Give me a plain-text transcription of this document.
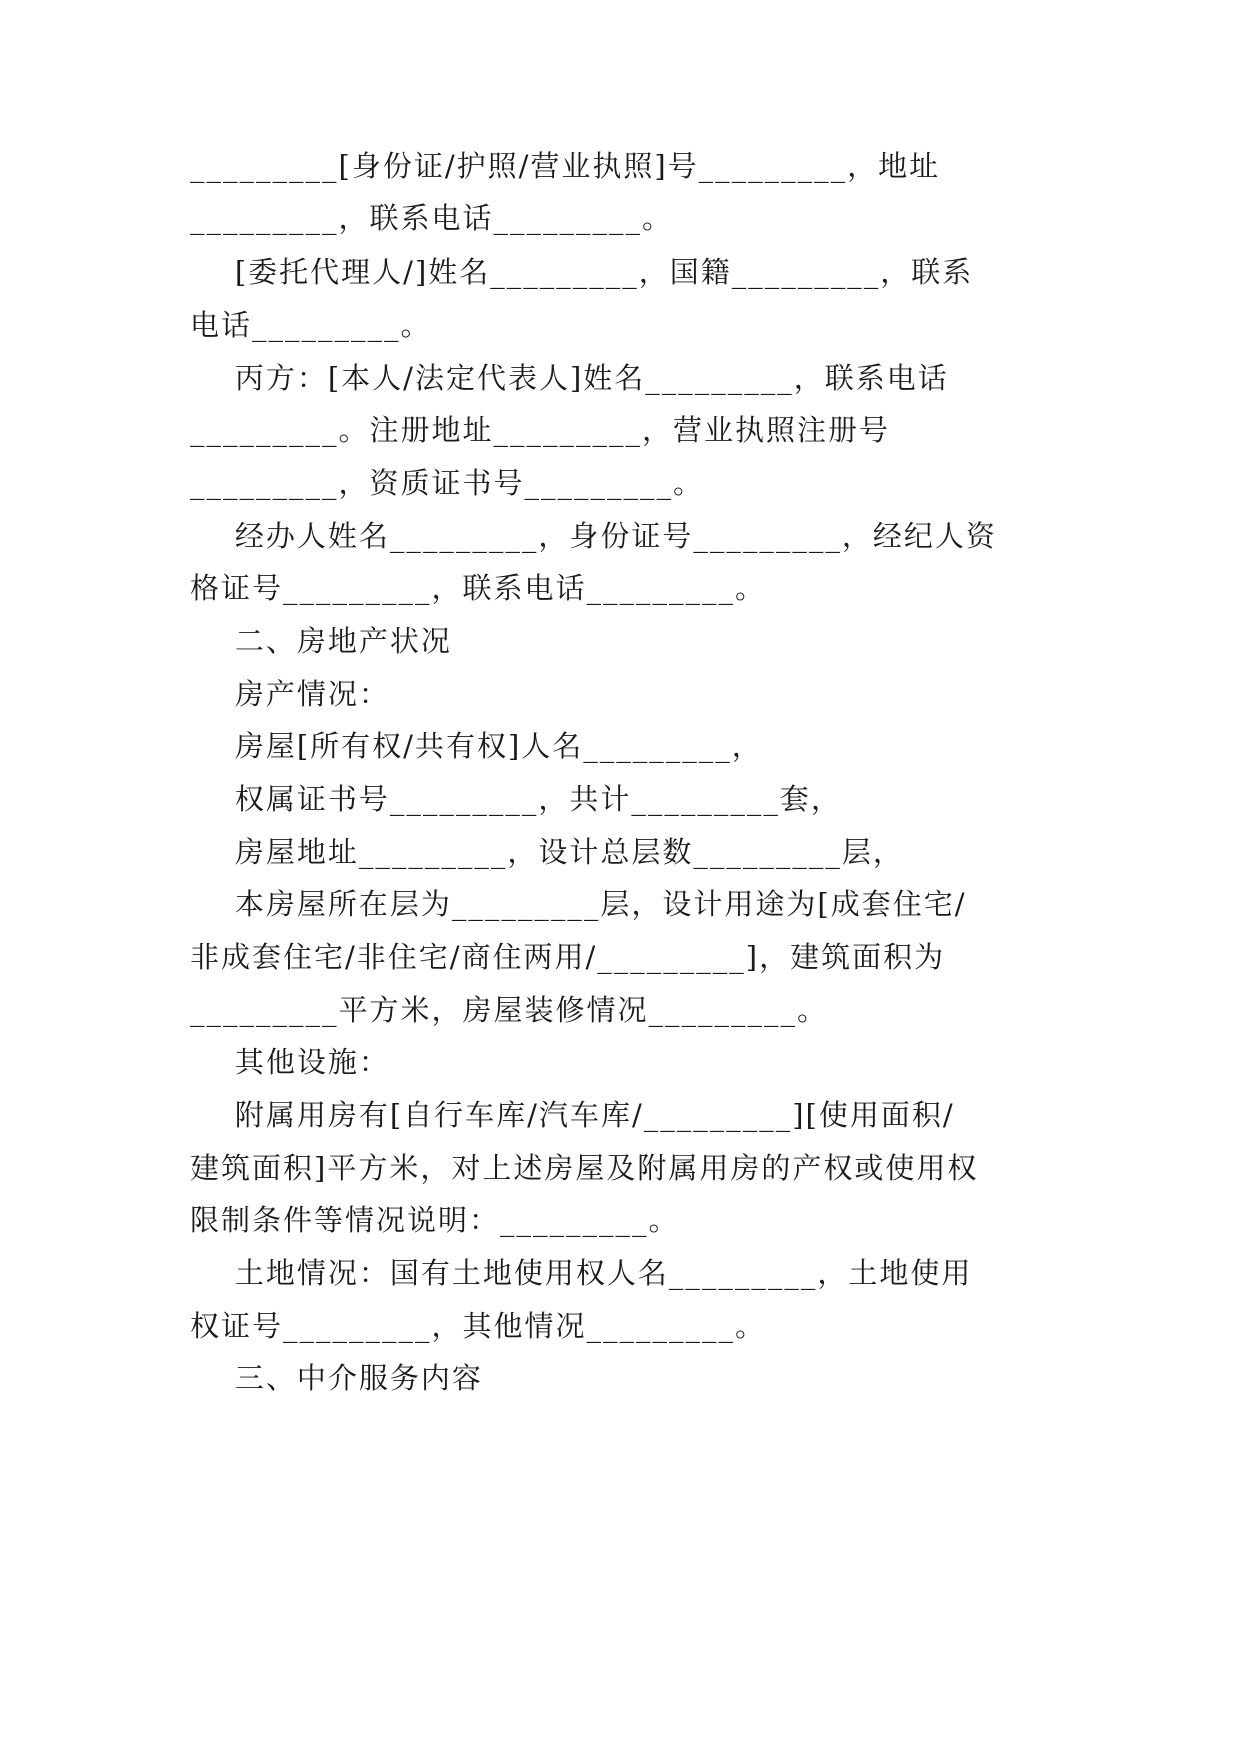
_________[身份证/护照/营业执照]号_________，地址
_________，联系电话_________。
[委托代理人/]姓名_________，国籍_________，联系
电话_________。
丙方：[本人/法定代表人]姓名_________，联系电话
_________。注册地址_________，营业执照注册号
_________，资质证书号_________。
经办人姓名_________，身份证号_________，经纪人资
格证号_________，联系电话_________。
二、房地产状况
房产情况：
房屋[所有权/共有权]人名_________，
权属证书号_________，共计_________套，
房屋地址_________，设计总层数_________层，
本房屋所在层为_________层，设计用途为[成套住宅/
非成套住宅/非住宅/商住两用/_________]，建筑面积为
_________平方米，房屋装修情况_________。
其他设施：
附属用房有[自行车库/汽车库/_________][使用面积/
建筑面积]平方米，对上述房屋及附属用房的产权或使用权
限制条件等情况说明：_________。
土地情况：国有土地使用权人名_________，土地使用
权证号_________，其他情况_________。
三、中介服务内容
